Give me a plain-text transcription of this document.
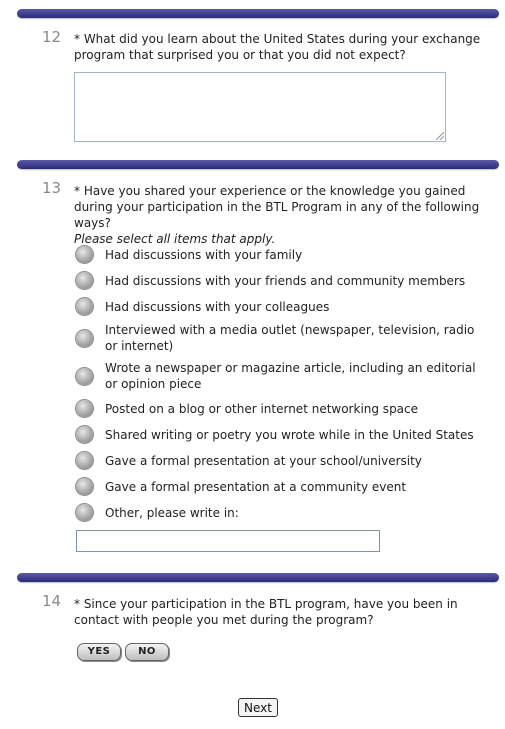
12 * What did you learn about the United States during your exchange program that surprised you or that you did not expect?
13 * Have you shared your experience or the knowledge you gained during your participation in the BTL Program in any of the following ways?
Please select all items that apply.
Had discussions with your family
Had discussions with your friends and community members
Had discussions with your colleagues
Interviewed with a media outlet (newspaper, television, radio or internet)
Wrote a newspaper or magazine article, including an editorial or opinion piece
Posted on a blog or other internet networking space
Shared writing or poetry you wrote while in the United States
Gave a formal presentation at your school/university
Gave a formal presentation at a community event
Other, please write in:
14 * Since your participation in the BTL program, have you been in contact with people you met during the program?
YES	NO
Next
